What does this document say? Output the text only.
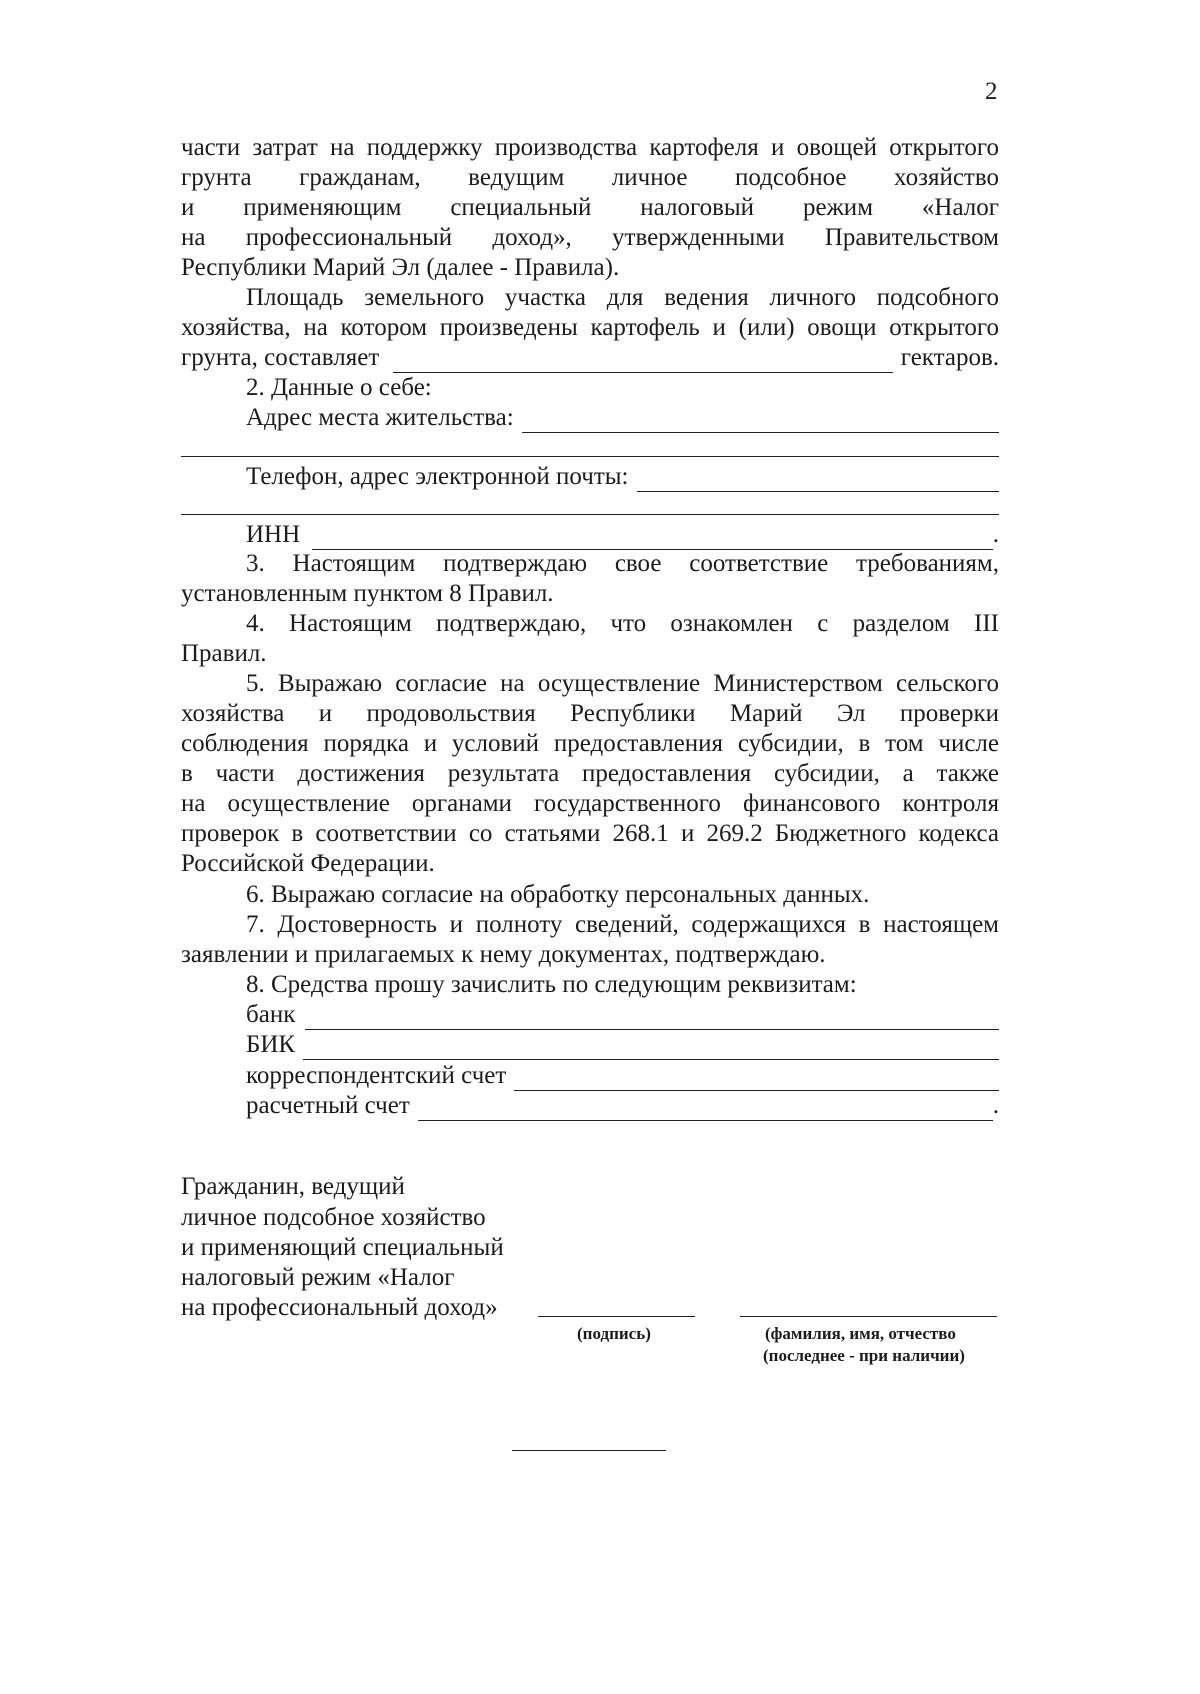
2
части затрат на поддержку производства картофеля и овощей открытого
грунта гражданам, ведущим личное подсобное хозяйство
и применяющим специальный налоговый режим «Налог
на профессиональный доход», утвержденными Правительством
Республики Марий Эл (далее - Правила).
Площадь земельного участка для ведения личного подсобного
хозяйства, на котором произведены картофель и (или) овощи открытого
грунта, составляет	гектаров.
2. Данные о себе:
Адрес места жительства:
Телефон, адрес электронной почты:
ИНН	.
3. Настоящим подтверждаю свое соответствие требованиям,
установленным пунктом 8 Правил.
4. Настоящим подтверждаю, что ознакомлен с разделом III
Правил.
5. Выражаю согласие на осуществление Министерством сельского
хозяйства и продовольствия Республики Марий Эл проверки
соблюдения порядка и условий предоставления субсидии, в том числе
в части достижения результата предоставления субсидии, а также
на осуществление органами государственного финансового контроля
проверок в соответствии со статьями 268.1 и 269.2 Бюджетного кодекса
Российской Федерации.
6. Выражаю согласие на обработку персональных данных.
7. Достоверность и полноту сведений, содержащихся в настоящем
заявлении и прилагаемых к нему документах, подтверждаю.
8. Средства прошу зачислить по следующим реквизитам:
банк
БИК
корреспондентский счет
расчетный счет	.
Гражданин, ведущий
личное подсобное хозяйство
и применяющий специальный
налоговый режим «Налог
на профессиональный доход»
(подпись)	(фамилия, имя, отчество
(последнее - при наличии)
